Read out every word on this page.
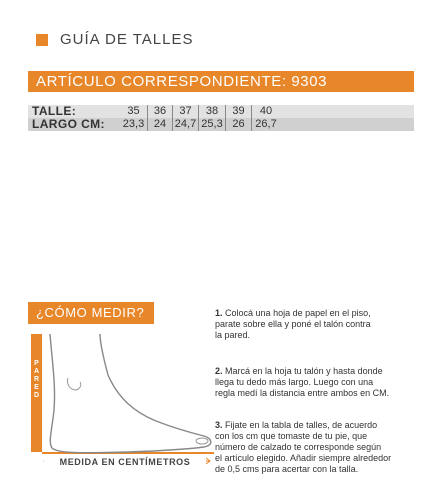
GUÍA DE TALLES
ARTÍCULO CORRESPONDIENTE: 9303
TALLE:	35	36	37	38	39	40
LARGO CM: 23,3 24 24,7 25,3 26 26,7
¿CÓMO MEDIR?
P
A
R
E
D
MEDIDA EN CENTÍMETROS
1. Colocá una hoja de papel en el piso,
parate sobre ella y poné el talón contra
la pared.
2. Marcá en la hoja tu talón y hasta donde
llega tu dedo más largo. Luego con una
regla medí la distancia entre ambos en CM.
3. Fijate en la tabla de talles, de acuerdo
con los cm que tomaste de tu pie, que
número de calzado te corresponde según
el artículo elegido. Añadir siempre alrededor
de 0,5 cms para acertar con la talla.
